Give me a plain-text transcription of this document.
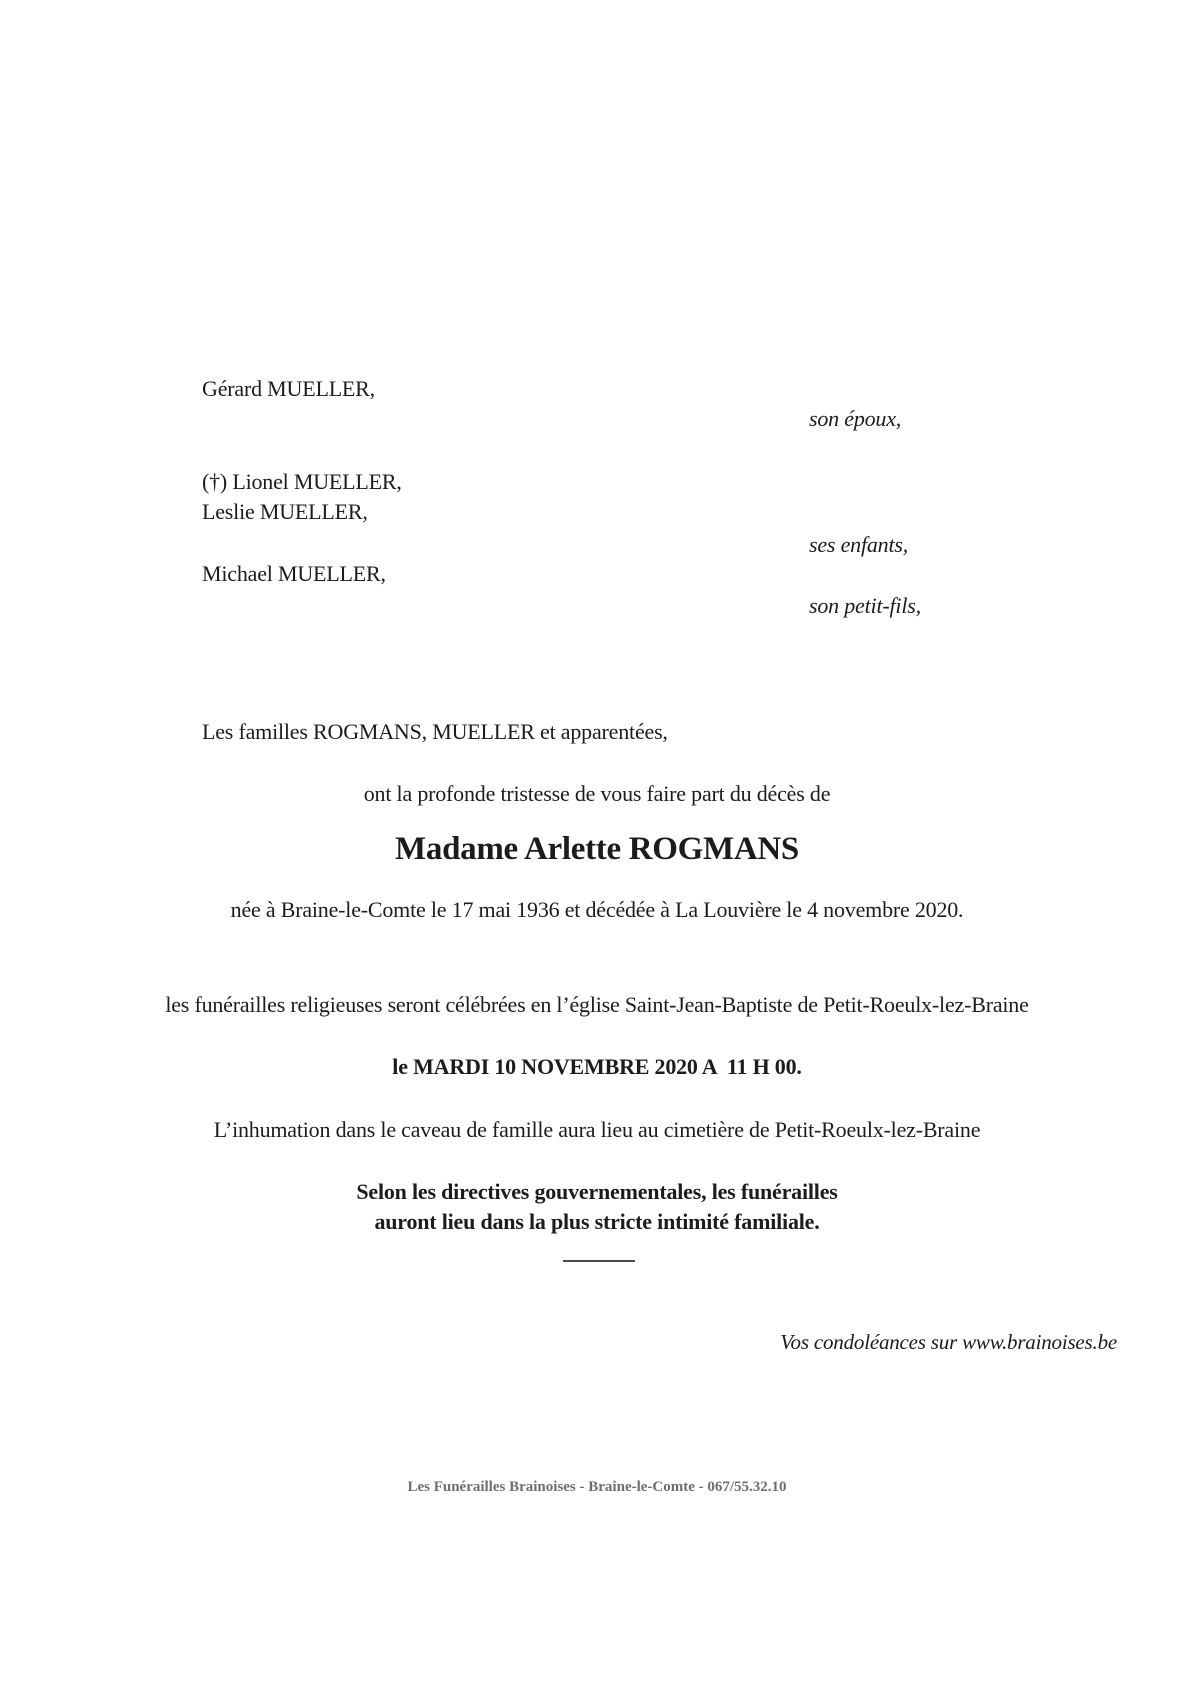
Gérard MUELLER,
son époux,
(†) Lionel MUELLER,
Leslie MUELLER,
ses enfants,
Michael MUELLER,
son petit-fils,
Les familles ROGMANS, MUELLER et apparentées,
ont la profonde tristesse de vous faire part du décès de
Madame Arlette ROGMANS
née à Braine-le-Comte le 17 mai 1936 et décédée à La Louvière le 4 novembre 2020.
les funérailles religieuses seront célébrées en l’église Saint-Jean-Baptiste de Petit-Roeulx-lez-Braine
le MARDI 10 NOVEMBRE 2020 A  11 H 00.
L’inhumation dans le caveau de famille aura lieu au cimetière de Petit-Roeulx-lez-Braine
Selon les directives gouvernementales, les funérailles
auront lieu dans la plus stricte intimité familiale.
Vos condoléances sur www.brainoises.be
Les Funérailles Brainoises - Braine-le-Comte - 067/55.32.10
